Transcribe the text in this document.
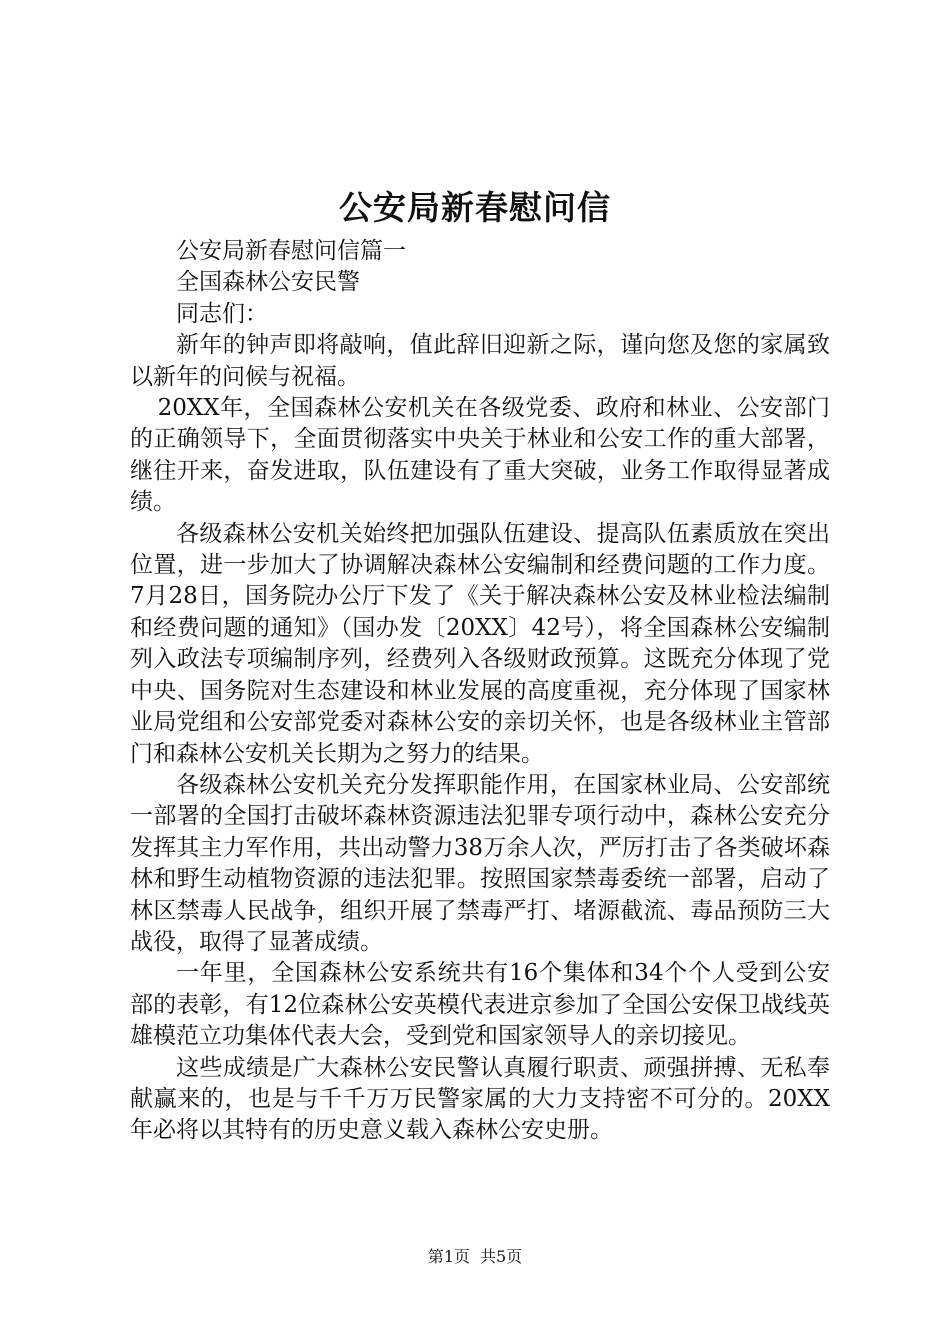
公安局新春慰问信

公安局新春慰问信篇一

全国森林公安民警

同志们：

新年的钟声即将敲响，值此辞旧迎新之际，谨向您及您的家属致以新年的问候与祝福。

20XX年，全国森林公安机关在各级党委、政府和林业、公安部门的正确领导下，全面贯彻落实中央关于林业和公安工作的重大部署，继往开来，奋发进取，队伍建设有了重大突破，业务工作取得显著成绩。

各级森林公安机关始终把加强队伍建设、提高队伍素质放在突出位置，进一步加大了协调解决森林公安编制和经费问题的工作力度。7月28日，国务院办公厅下发了《关于解决森林公安及林业检法编制和经费问题的通知》（国办发〔20XX〕42号），将全国森林公安编制列入政法专项编制序列，经费列入各级财政预算。这既充分体现了党中央、国务院对生态建设和林业发展的高度重视，充分体现了国家林业局党组和公安部党委对森林公安的亲切关怀，也是各级林业主管部门和森林公安机关长期为之努力的结果。

各级森林公安机关充分发挥职能作用，在国家林业局、公安部统一部署的全国打击破坏森林资源违法犯罪专项行动中，森林公安充分发挥其主力军作用，共出动警力38万余人次，严厉打击了各类破坏森林和野生动植物资源的违法犯罪。按照国家禁毒委统一部署，启动了林区禁毒人民战争，组织开展了禁毒严打、堵源截流、毒品预防三大战役，取得了显著成绩。

一年里，全国森林公安系统共有16个集体和34个个人受到公安部的表彰，有12位森林公安英模代表进京参加了全国公安保卫战线英雄模范立功集体代表大会，受到党和国家领导人的亲切接见。

这些成绩是广大森林公安民警认真履行职责、顽强拼搏、无私奉献赢来的，也是与千千万万民警家属的大力支持密不可分的。20XX年必将以其特有的历史意义载入森林公安史册。

第1页 共5页
